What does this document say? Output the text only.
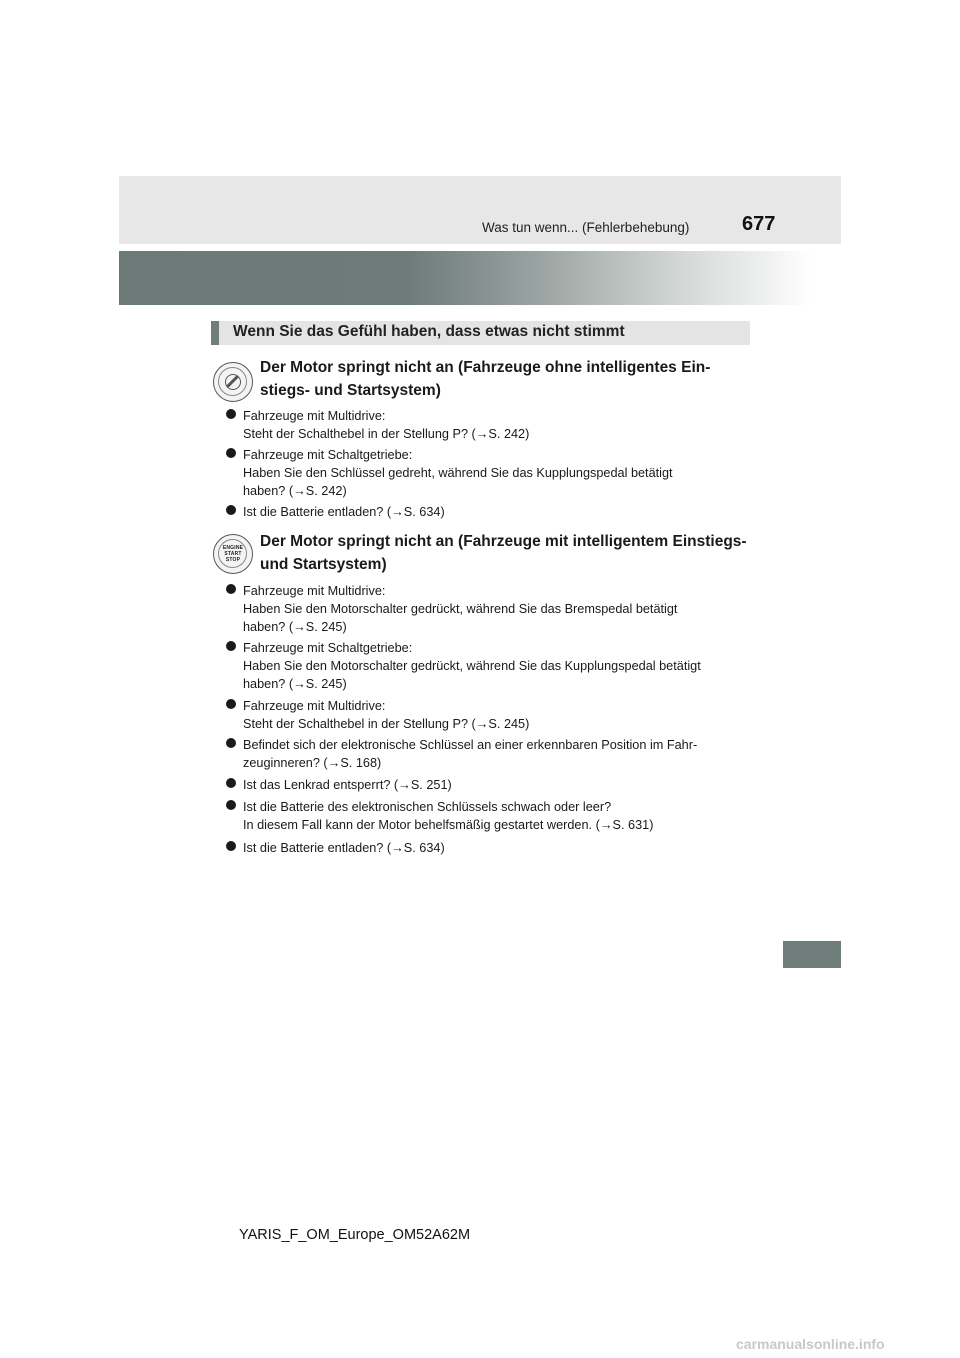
Was tun wenn... (Fehlerbehebung)	677
Wenn Sie das Gefühl haben, dass etwas nicht stimmt
Der Motor springt nicht an (Fahrzeuge ohne intelligentes Ein-
stiegs- und Startsystem)
Fahrzeuge mit Multidrive:
Steht der Schalthebel in der Stellung P? (→S. 242)
Fahrzeuge mit Schaltgetriebe:
Haben Sie den Schlüssel gedreht, während Sie das Kupplungspedal betätigt
haben? (→S. 242)
Ist die Batterie entladen? (→S. 634)
ENGINE
START
STOP
Der Motor springt nicht an (Fahrzeuge mit intelligentem Einstiegs-
und Startsystem)
Fahrzeuge mit Multidrive:
Haben Sie den Motorschalter gedrückt, während Sie das Bremspedal betätigt
haben? (→S. 245)
Fahrzeuge mit Schaltgetriebe:
Haben Sie den Motorschalter gedrückt, während Sie das Kupplungspedal betätigt
haben? (→S. 245)
Fahrzeuge mit Multidrive:
Steht der Schalthebel in der Stellung P? (→S. 245)
Befindet sich der elektronische Schlüssel an einer erkennbaren Position im Fahr-
zeuginneren? (→S. 168)
Ist das Lenkrad entsperrt? (→S. 251)
Ist die Batterie des elektronischen Schlüssels schwach oder leer?
In diesem Fall kann der Motor behelfsmäßig gestartet werden. (→S. 631)
Ist die Batterie entladen? (→S. 634)
YARIS_F_OM_Europe_OM52A62M
carmanualsonline.info
